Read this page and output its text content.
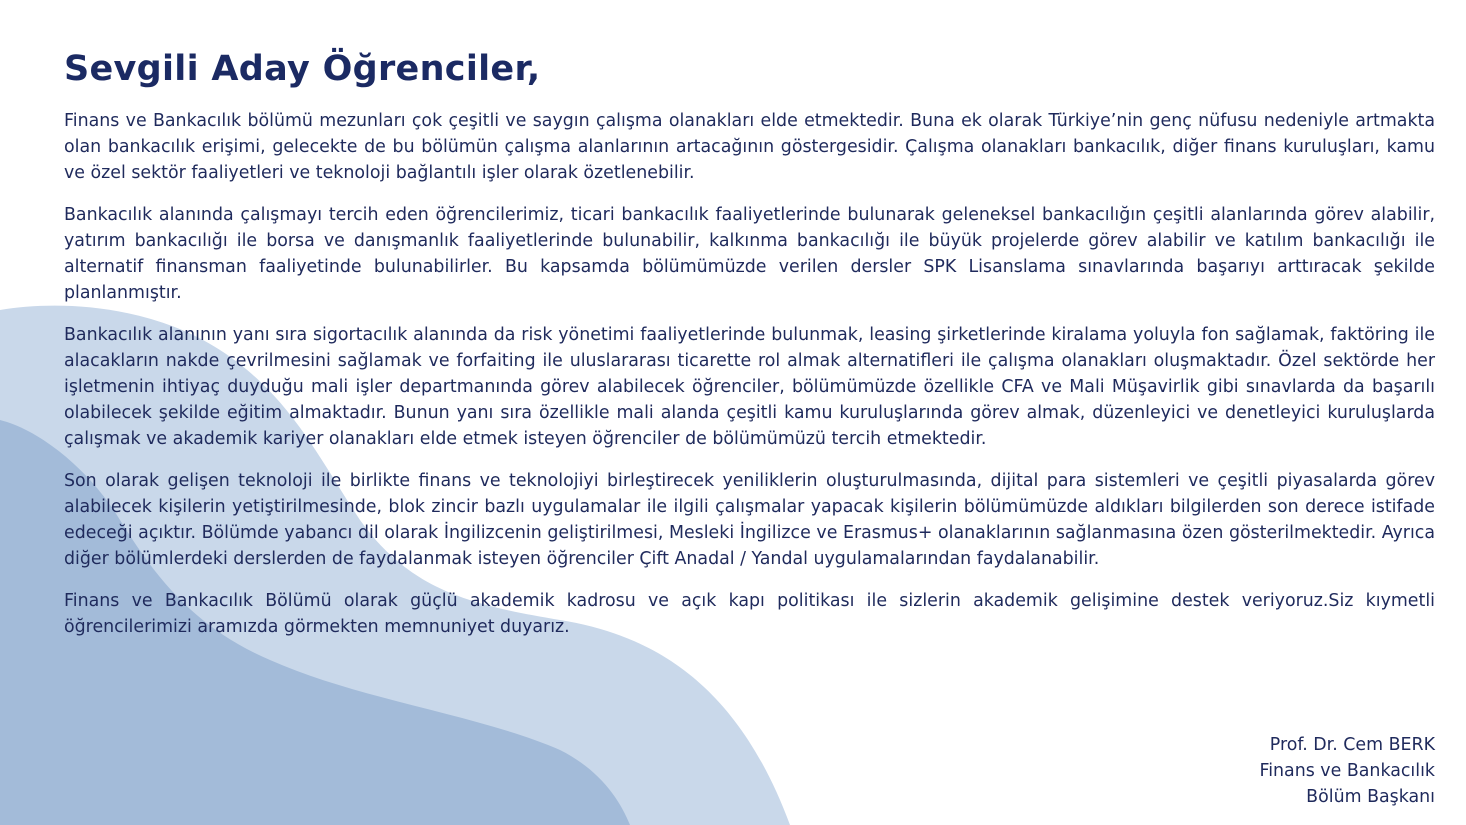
Sevgili Aday Öğrenciler,

Finans ve Bankacılık bölümü mezunları çok çeşitli ve saygın çalışma olanakları elde etmektedir. Buna ek olarak Türkiye’nin genç nüfusu nedeniyle artmakta olan bankacılık erişimi, gelecekte de bu bölümün çalışma alanlarının artacağının göstergesidir. Çalışma olanakları bankacılık, diğer finans kuruluşları, kamu ve özel sektör faaliyetleri ve teknoloji bağlantılı işler olarak özetlenebilir.

Bankacılık alanında çalışmayı tercih eden öğrencilerimiz, ticari bankacılık faaliyetlerinde bulunarak geleneksel bankacılığın çeşitli alanlarında görev alabilir, yatırım bankacılığı ile borsa ve danışmanlık faaliyetlerinde bulunabilir, kalkınma bankacılığı ile büyük projelerde görev alabilir ve katılım bankacılığı ile alternatif finansman faaliyetinde bulunabilirler. Bu kapsamda bölümümüzde verilen dersler SPK Lisanslama sınavlarında başarıyı arttıracak şekilde planlanmıştır.

Bankacılık alanının yanı sıra sigortacılık alanında da risk yönetimi faaliyetlerinde bulunmak, leasing şirketlerinde kiralama yoluyla fon sağlamak, faktöring ile alacakların nakde çevrilmesini sağlamak ve forfaiting ile uluslararası ticarette rol almak alternatifleri ile çalışma olanakları oluşmaktadır. Özel sektörde her işletmenin ihtiyaç duyduğu mali işler departmanında görev alabilecek öğrenciler, bölümümüzde özellikle CFA ve Mali Müşavirlik gibi sınavlarda da başarılı olabilecek şekilde eğitim almaktadır. Bunun yanı sıra özellikle mali alanda çeşitli kamu kuruluşlarında görev almak, düzenleyici ve denetleyici kuruluşlarda çalışmak ve akademik kariyer olanakları elde etmek isteyen öğrenciler de bölümümüzü tercih etmektedir.

Son olarak gelişen teknoloji ile birlikte finans ve teknolojiyi birleştirecek yeniliklerin oluşturulmasında, dijital para sistemleri ve çeşitli piyasalarda görev alabilecek kişilerin yetiştirilmesinde, blok zincir bazlı uygulamalar ile ilgili çalışmalar yapacak kişilerin bölümümüzde aldıkları bilgilerden son derece istifade edeceği açıktır. Bölümde yabancı dil olarak İngilizcenin geliştirilmesi, Mesleki İngilizce ve Erasmus+ olanaklarının sağlanmasına özen gösterilmektedir. Ayrıca diğer bölümlerdeki derslerden de faydalanmak isteyen öğrenciler Çift Anadal / Yandal uygulamalarından faydalanabilir.

Finans ve Bankacılık Bölümü olarak güçlü akademik kadrosu ve açık kapı politikası ile sizlerin akademik gelişimine destek veriyoruz.Siz kıymetli öğrencilerimizi aramızda görmekten memnuniyet duyarız.

Prof. Dr. Cem BERK
Finans ve Bankacılık
Bölüm Başkanı
